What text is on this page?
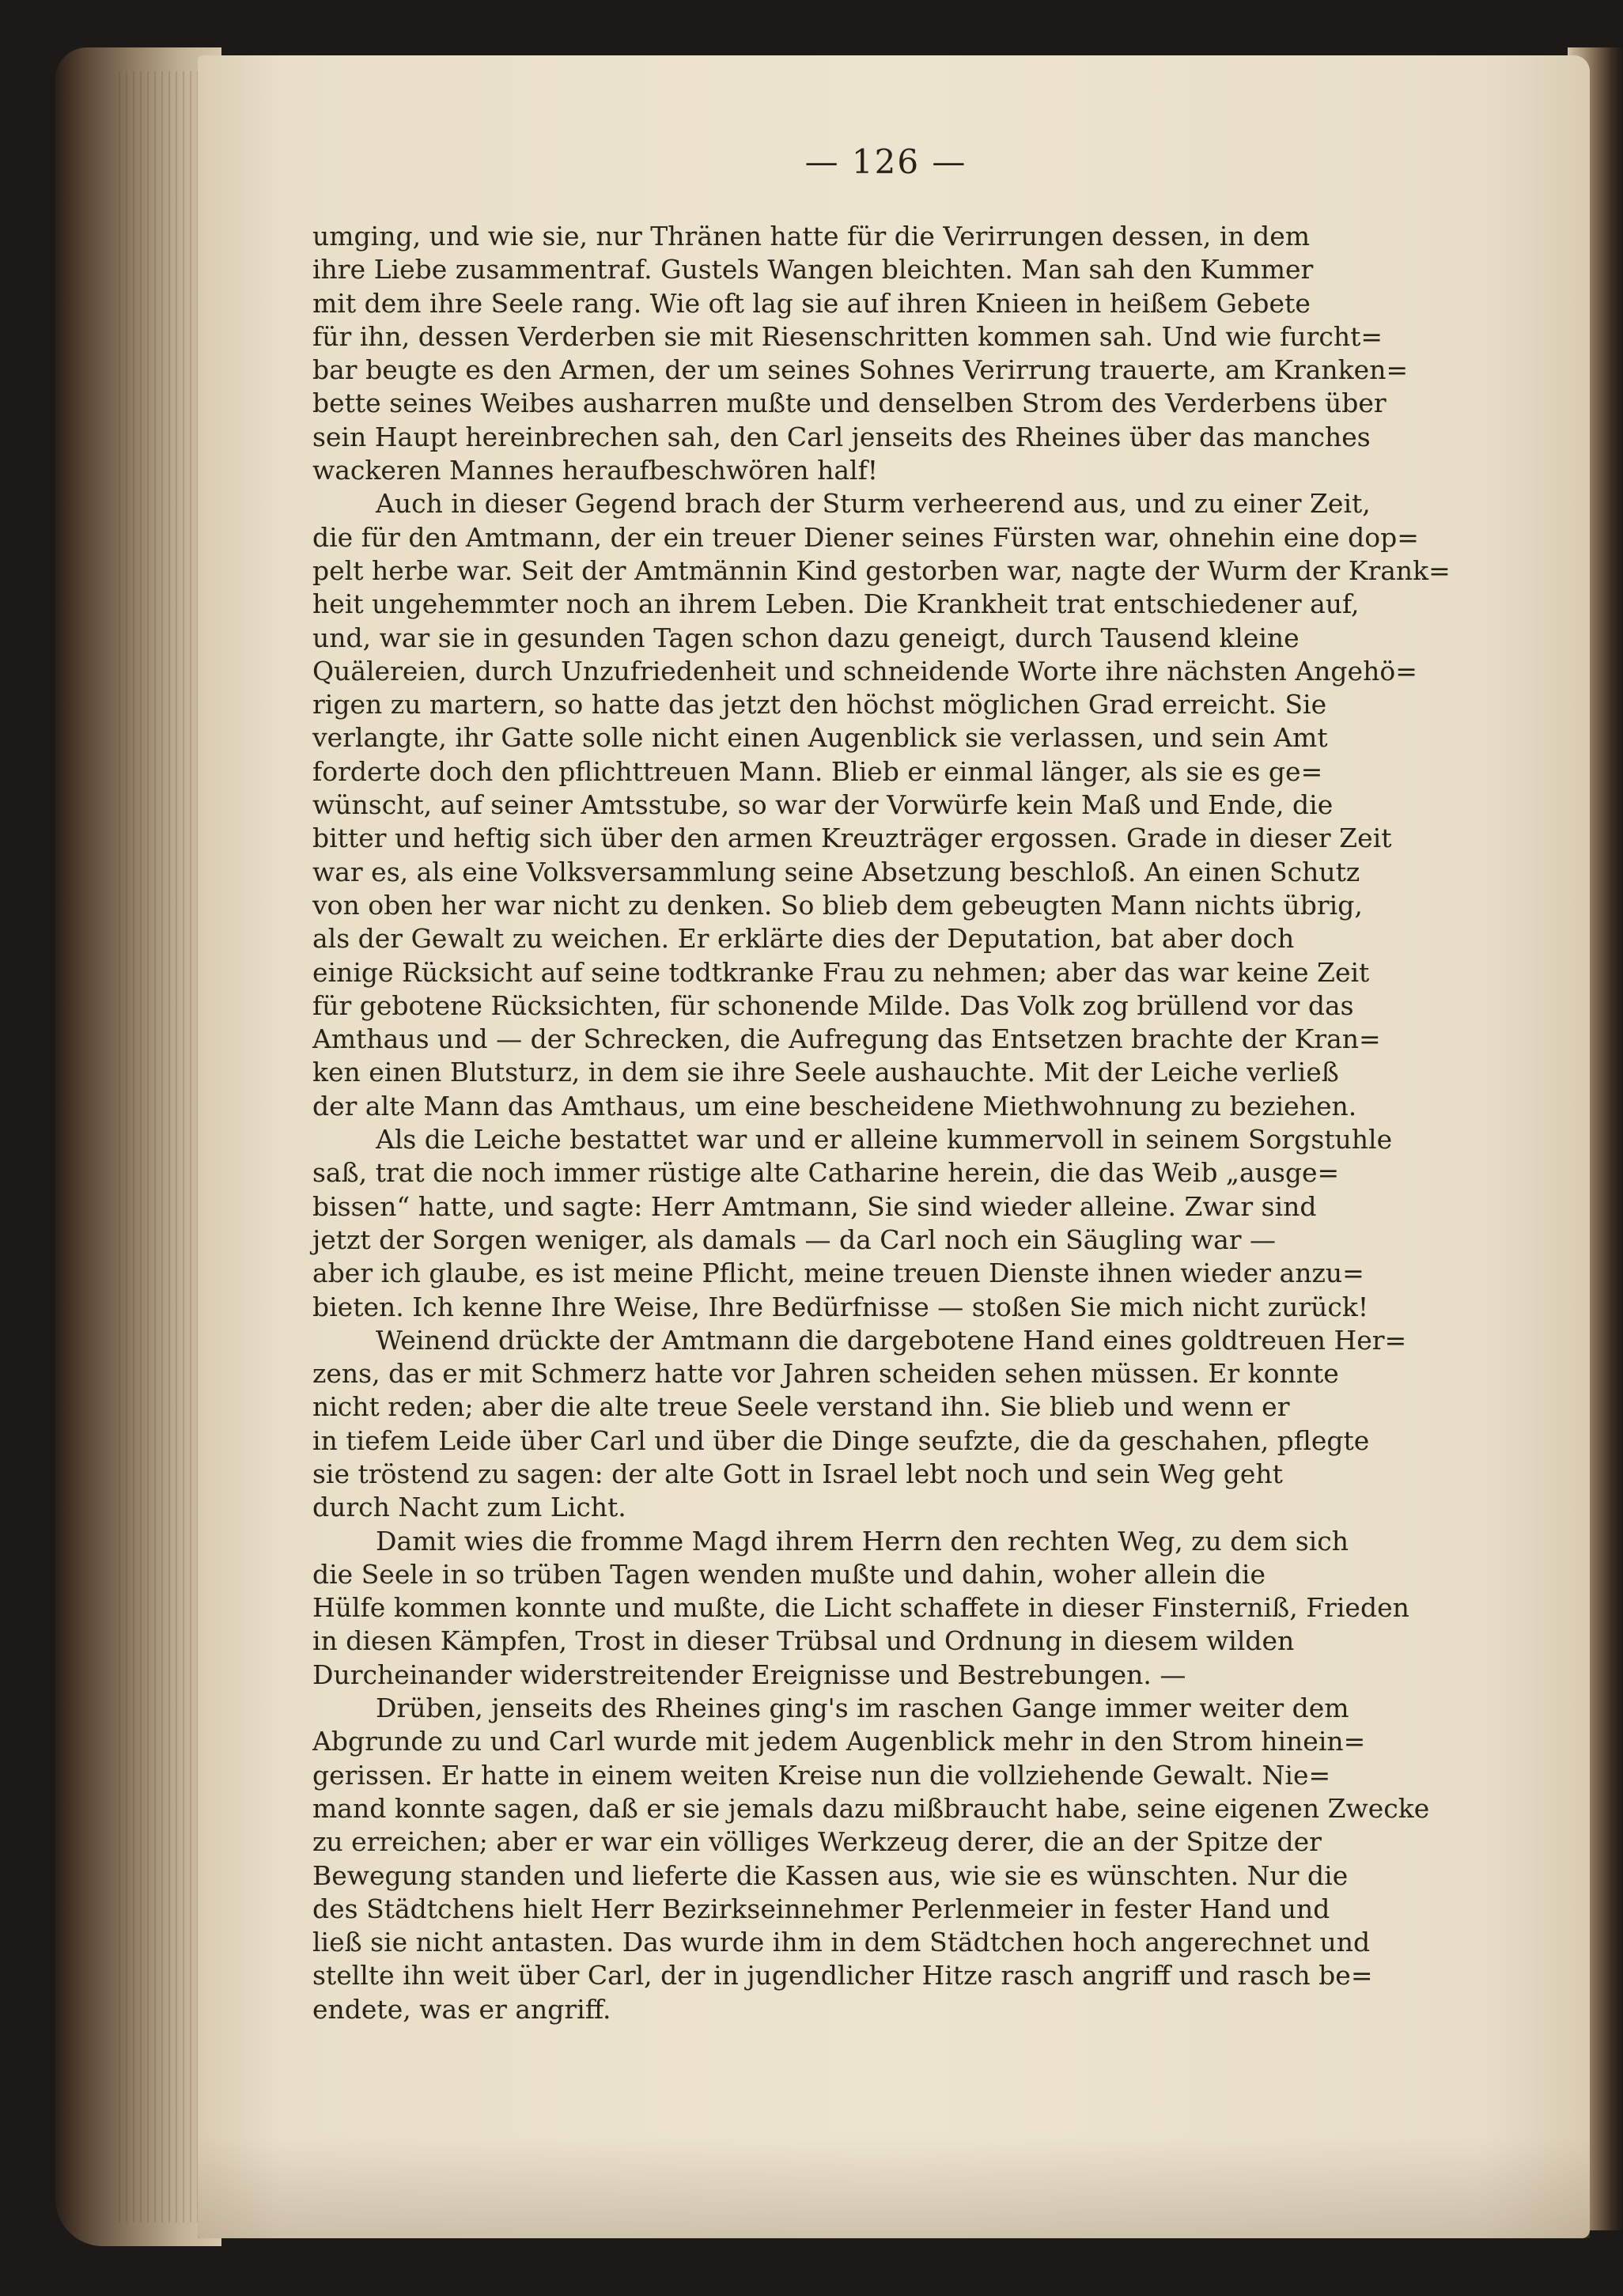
— 126 —
umging, und wie sie, nur Thränen hatte für die Verirrungen dessen, in dem
ihre Liebe zusammentraf. Gustels Wangen bleichten. Man sah den Kummer
mit dem ihre Seele rang. Wie oft lag sie auf ihren Knieen in heißem Gebete
für ihn, dessen Verderben sie mit Riesenschritten kommen sah. Und wie furcht=
bar beugte es den Armen, der um seines Sohnes Verirrung trauerte, am Kranken=
bette seines Weibes ausharren mußte und denselben Strom des Verderbens über
sein Haupt hereinbrechen sah, den Carl jenseits des Rheines über das manches
wackeren Mannes heraufbeschwören half!
Auch in dieser Gegend brach der Sturm verheerend aus, und zu einer Zeit,
die für den Amtmann, der ein treuer Diener seines Fürsten war, ohnehin eine dop=
pelt herbe war. Seit der Amtmännin Kind gestorben war, nagte der Wurm der Krank=
heit ungehemmter noch an ihrem Leben. Die Krankheit trat entschiedener auf,
und, war sie in gesunden Tagen schon dazu geneigt, durch Tausend kleine
Quälereien, durch Unzufriedenheit und schneidende Worte ihre nächsten Angehö=
rigen zu martern, so hatte das jetzt den höchst möglichen Grad erreicht. Sie
verlangte, ihr Gatte solle nicht einen Augenblick sie verlassen, und sein Amt
forderte doch den pflichttreuen Mann. Blieb er einmal länger, als sie es ge=
wünscht, auf seiner Amtsstube, so war der Vorwürfe kein Maß und Ende, die
bitter und heftig sich über den armen Kreuzträger ergossen. Grade in dieser Zeit
war es, als eine Volksversammlung seine Absetzung beschloß. An einen Schutz
von oben her war nicht zu denken. So blieb dem gebeugten Mann nichts übrig,
als der Gewalt zu weichen. Er erklärte dies der Deputation, bat aber doch
einige Rücksicht auf seine todtkranke Frau zu nehmen; aber das war keine Zeit
für gebotene Rücksichten, für schonende Milde. Das Volk zog brüllend vor das
Amthaus und — der Schrecken, die Aufregung das Entsetzen brachte der Kran=
ken einen Blutsturz, in dem sie ihre Seele aushauchte. Mit der Leiche verließ
der alte Mann das Amthaus, um eine bescheidene Miethwohnung zu beziehen.
Als die Leiche bestattet war und er alleine kummervoll in seinem Sorgstuhle
saß, trat die noch immer rüstige alte Catharine herein, die das Weib „ausge=
bissen“ hatte, und sagte: Herr Amtmann, Sie sind wieder alleine. Zwar sind
jetzt der Sorgen weniger, als damals — da Carl noch ein Säugling war —
aber ich glaube, es ist meine Pflicht, meine treuen Dienste ihnen wieder anzu=
bieten. Ich kenne Ihre Weise, Ihre Bedürfnisse — stoßen Sie mich nicht zurück!
Weinend drückte der Amtmann die dargebotene Hand eines goldtreuen Her=
zens, das er mit Schmerz hatte vor Jahren scheiden sehen müssen. Er konnte
nicht reden; aber die alte treue Seele verstand ihn. Sie blieb und wenn er
in tiefem Leide über Carl und über die Dinge seufzte, die da geschahen, pflegte
sie tröstend zu sagen: der alte Gott in Israel lebt noch und sein Weg geht
durch Nacht zum Licht.
Damit wies die fromme Magd ihrem Herrn den rechten Weg, zu dem sich
die Seele in so trüben Tagen wenden mußte und dahin, woher allein die
Hülfe kommen konnte und mußte, die Licht schaffete in dieser Finsterniß, Frieden
in diesen Kämpfen, Trost in dieser Trübsal und Ordnung in diesem wilden
Durcheinander widerstreitender Ereignisse und Bestrebungen. —
Drüben, jenseits des Rheines ging's im raschen Gange immer weiter dem
Abgrunde zu und Carl wurde mit jedem Augenblick mehr in den Strom hinein=
gerissen. Er hatte in einem weiten Kreise nun die vollziehende Gewalt. Nie=
mand konnte sagen, daß er sie jemals dazu mißbraucht habe, seine eigenen Zwecke
zu erreichen; aber er war ein völliges Werkzeug derer, die an der Spitze der
Bewegung standen und lieferte die Kassen aus, wie sie es wünschten. Nur die
des Städtchens hielt Herr Bezirkseinnehmer Perlenmeier in fester Hand und
ließ sie nicht antasten. Das wurde ihm in dem Städtchen hoch angerechnet und
stellte ihn weit über Carl, der in jugendlicher Hitze rasch angriff und rasch be=
endete, was er angriff.
